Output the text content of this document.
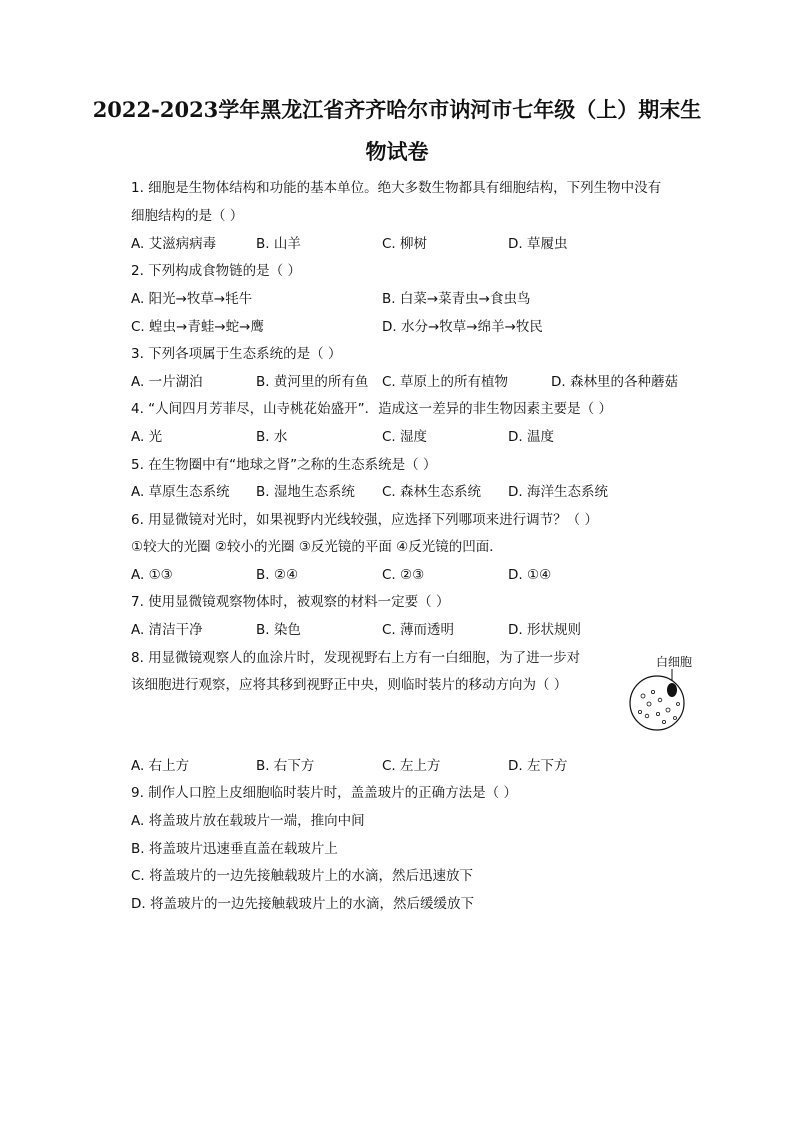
2022-2023学年黑龙江省齐齐哈尔市讷河市七年级（上）期末生
物试卷

1. 细胞是生物体结构和功能的基本单位。绝大多数生物都具有细胞结构，下列生物中没有

细胞结构的是（ ）

A. 艾滋病病毒	B. 山羊	C. 柳树	D. 草履虫

2. 下列构成食物链的是（ ）

A. 阳光→牧草→牦牛	B. 白菜→菜青虫→食虫鸟
C. 蝗虫→青蛙→蛇→鹰	D. 水分→牧草→绵羊→牧民

3. 下列各项属于生态系统的是（ ）

A. 一片湖泊	B. 黄河里的所有鱼 C. 草原上的所有植物	D. 森林里的各种蘑菇

4. “人间四月芳菲尽，山寺桃花始盛开”．造成这一差异的非生物因素主要是（ ）

A. 光	B. 水	C. 湿度	D. 温度

5. 在生物圈中有“地球之肾”之称的生态系统是（ ）

A. 草原生态系统 B. 湿地生态系统 C. 森林生态系统 D. 海洋生态系统

6. 用显微镜对光时，如果视野内光线较强，应选择下列哪项来进行调节？（ ）

①较大的光圈 ②较小的光圈 ③反光镜的平面 ④反光镜的凹面．

A. ①③	B. ②④	C. ②③	D. ①④

7. 使用显微镜观察物体时，被观察的材料一定要（ ）

A. 清洁干净	B. 染色	C. 薄而透明	D. 形状规则

8. 用显微镜观察人的血涂片时，发现视野右上方有一白细胞，为了进一步对

该细胞进行观察，应将其移到视野正中央，则临时装片的移动方向为（ ）

白细胞
A. 右上方	B. 右下方	C. 左上方	D. 左下方

9. 制作人口腔上皮细胞临时装片时，盖盖玻片的正确方法是（ ）

A. 将盖玻片放在载玻片一端，推向中间
B. 将盖玻片迅速垂直盖在载玻片上
C. 将盖玻片的一边先接触载玻片上的水滴，然后迅速放下
D. 将盖玻片的一边先接触载玻片上的水滴，然后缓缓放下
